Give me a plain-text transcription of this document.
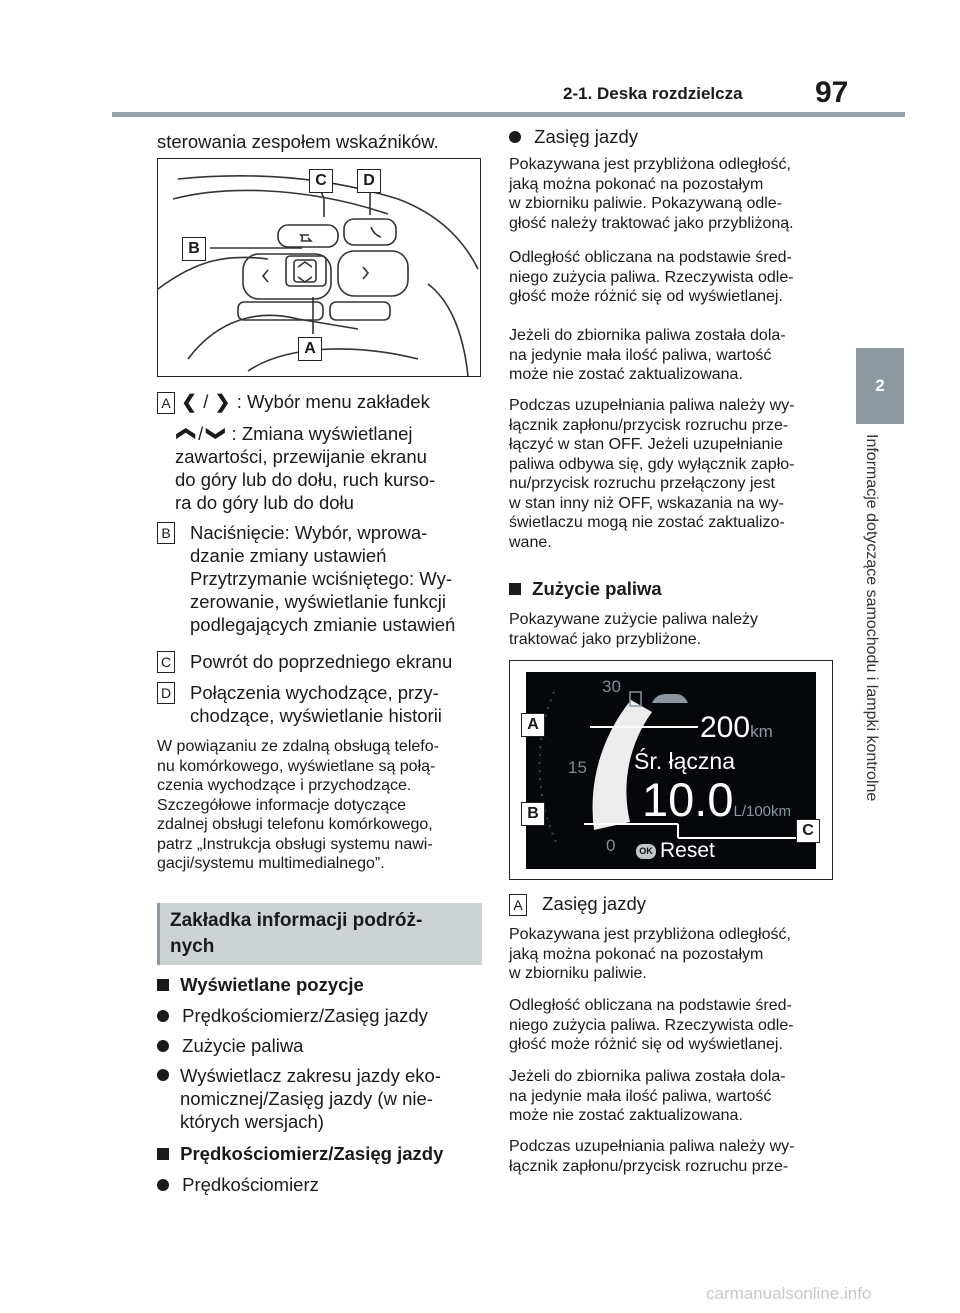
2-1. Deska rozdzielcza 97
2
Informacje dotyczące samochodu i lampki kontrolne
sterowania zespołem wskaźników.
C	D
B
A
A ❮ / ❯ : Wybór menu zakładek
❯ / ❯ : Zmiana wyświetlanej
zawartości, przewijanie ekranu
do góry lub do dołu, ruch kurso-
ra do góry lub do dołu
B Naciśnięcie: Wybór, wprowa-
dzanie zmiany ustawień
Przytrzymanie wciśniętego: Wy-
zerowanie, wyświetlanie funkcji
podlegających zmianie ustawień
C	Powrót do poprzedniego ekranu
D Połączenia wychodzące, przy-
chodzące, wyświetlanie historii
W powiązaniu ze zdalną obsługą telefo-
nu komórkowego, wyświetlane są połą-
czenia wychodzące i przychodzące.
Szczegółowe informacje dotyczące
zdalnej obsługi telefonu komórkowego,
patrz „Instrukcja obsługi systemu nawi-
gacji/systemu multimedialnego”.
Zakładka informacji podróż-
nych
Wyświetlane pozycje
Prędkościomierz/Zasięg jazdy
Zużycie paliwa
Wyświetlacz zakresu jazdy eko-
nomicznej/Zasięg jazdy (w nie-
których wersjach)
Prędkościomierz/Zasięg jazdy
Prędkościomierz
Zasięg jazdy
Pokazywana jest przybliżona odległość,
jaką można pokonać na pozostałym
w zbiorniku paliwie. Pokazywaną odle-
głość należy traktować jako przybliżoną.
Odległość obliczana na podstawie śred-
niego zużycia paliwa. Rzeczywista odle-
głość może różnić się od wyświetlanej.
Jeżeli do zbiornika paliwa została dola-
na jedynie mała ilość paliwa, wartość
może nie zostać zaktualizowana.
Podczas uzupełniania paliwa należy wy-
łącznik zapłonu/przycisk rozruchu prze-
łączyć w stan OFF. Jeżeli uzupełnianie
paliwa odbywa się, gdy wyłącznik zapło-
nu/przycisk rozruchu przełączony jest
w stan inny niż OFF, wskazania na wy-
świetlaczu mogą nie zostać zaktualizo-
wane.
Zużycie paliwa
Pokazywane zużycie paliwa należy
traktować jako przybliżone.
30
15
0
200km
Śr. łączna
10.0L/100km
OK Reset
A
B
C
A Zasięg jazdy
Pokazywana jest przybliżona odległość,
jaką można pokonać na pozostałym
w zbiorniku paliwie.
Odległość obliczana na podstawie śred-
niego zużycia paliwa. Rzeczywista odle-
głość może różnić się od wyświetlanej.
Jeżeli do zbiornika paliwa została dola-
na jedynie mała ilość paliwa, wartość
może nie zostać zaktualizowana.
Podczas uzupełniania paliwa należy wy-
łącznik zapłonu/przycisk rozruchu prze-
carmanualsonline.info
